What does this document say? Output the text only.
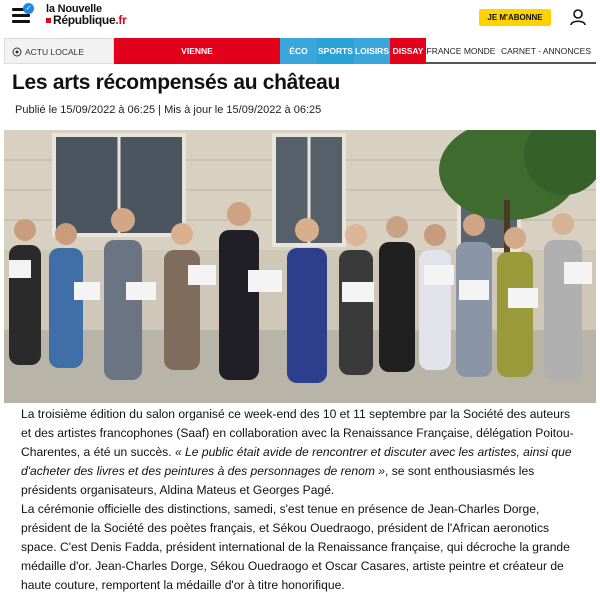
✓ la Nouvelle
République.fr	JE M'ABONNE
ACTU LOCALE	VIENNE	ÉCO	SPORTS LOISIRS DISSAY FRANCE MONDE CARNET - ANNONCES
Les arts récompensés au château
Publié le 15/09/2022 à 06:25 | Mis à jour le 15/09/2022 à 06:25

La troisième édition du salon organisé ce week-end des 10 et 11 septembre par la Société des auteurs et des artistes francophones (Saaf) en collaboration avec la Renaissance Française, délégation Poitou-Charentes, a été un succès. « Le public était avide de rencontrer et discuter avec les artistes, ainsi que d'acheter des livres et des peintures à des personnages de renom », se sont enthousiasmés les présidents organisateurs, Aldina Mateus et Georges Pagé.

La cérémonie officielle des distinctions, samedi, s'est tenue en présence de Jean-Charles Dorge, président de la Société des poètes français, et Sékou Ouedraogo, président de l'African aeronotics space. C'est Denis Fadda, président international de la Renaissance française, qui décroche la grande médaille d'or. Jean-Charles Dorge, Sékou Ouedraogo et Oscar Casares, artiste peintre et créateur de haute couture, remportent la médaille d'or à titre honorifique.
